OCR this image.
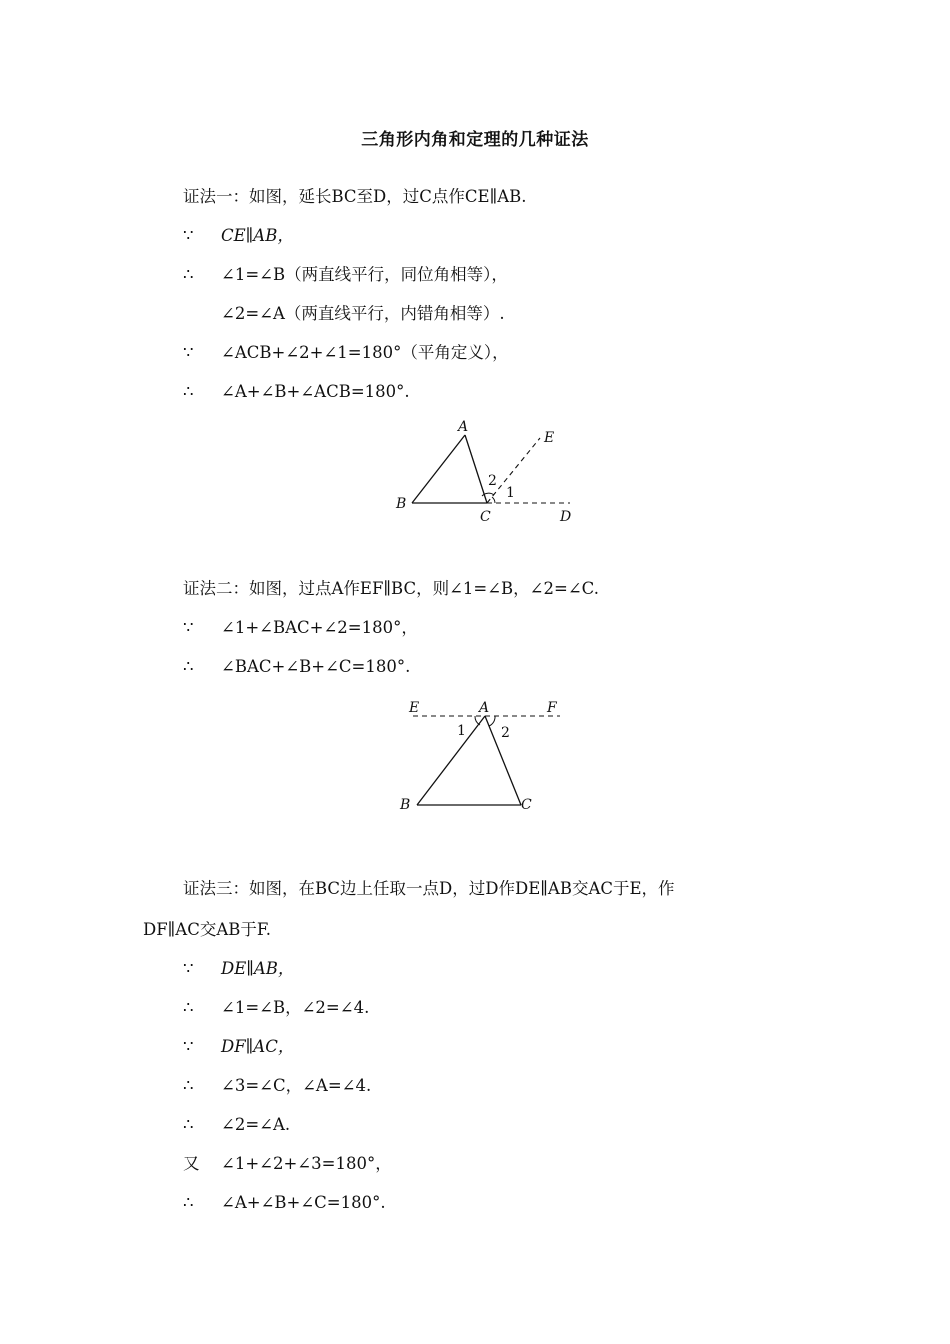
三角形内角和定理的几种证法
证法一：如图，延长BC至D，过C点作CE∥AB.
∵ CE∥AB，
∴ ∠1=∠B（两直线平行，同位角相等），
∠2=∠A（两直线平行，内错角相等）.
∵ ∠ACB+∠2+∠1=180°（平角定义），
∴ ∠A+∠B+∠ACB=180°.
A
B
C	D
E
2
1
证法二：如图，过点A作EF∥BC，则∠1=∠B，∠2=∠C.
∵ ∠1+∠BAC+∠2=180°，
∴ ∠BAC+∠B+∠C=180°.
A
E	F
B	C
1	2
证法三：如图，在BC边上任取一点D，过D作DE∥AB交AC于E，作
DF∥AC交AB于F.
∵ DE∥AB，
∴ ∠1=∠B，∠2=∠4.
∵ DF∥AC，
∴ ∠3=∠C，∠A=∠4.
∴ ∠2=∠A.
又 ∠1+∠2+∠3=180°，
∴ ∠A+∠B+∠C=180°.
